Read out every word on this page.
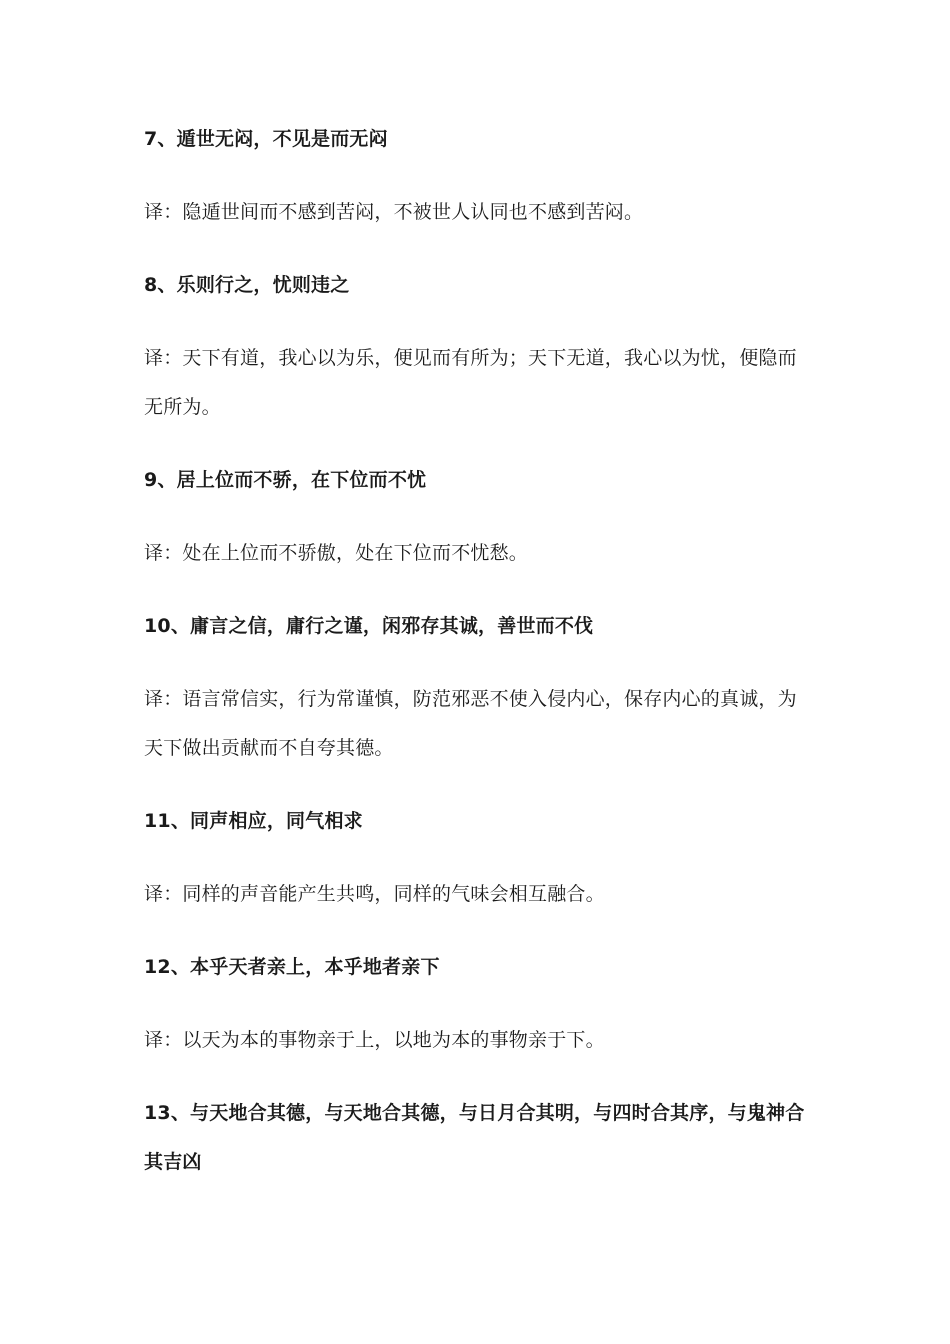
7、遁世无闷，不见是而无闷

译：隐遁世间而不感到苦闷，不被世人认同也不感到苦闷。

8、乐则行之，忧则违之

译：天下有道，我心以为乐，便见而有所为；天下无道，我心以为忧，便隐而无所为。

9、居上位而不骄，在下位而不忧

译：处在上位而不骄傲，处在下位而不忧愁。

10、庸言之信，庸行之谨，闲邪存其诚，善世而不伐

译：语言常信实，行为常谨慎，防范邪恶不使入侵内心，保存内心的真诚，为天下做出贡献而不自夸其德。

11、同声相应，同气相求

译：同样的声音能产生共鸣，同样的气味会相互融合。

12、本乎天者亲上，本乎地者亲下

译：以天为本的事物亲于上，以地为本的事物亲于下。

13、与天地合其德，与天地合其德，与日月合其明，与四时合其序，与鬼神合其吉凶
